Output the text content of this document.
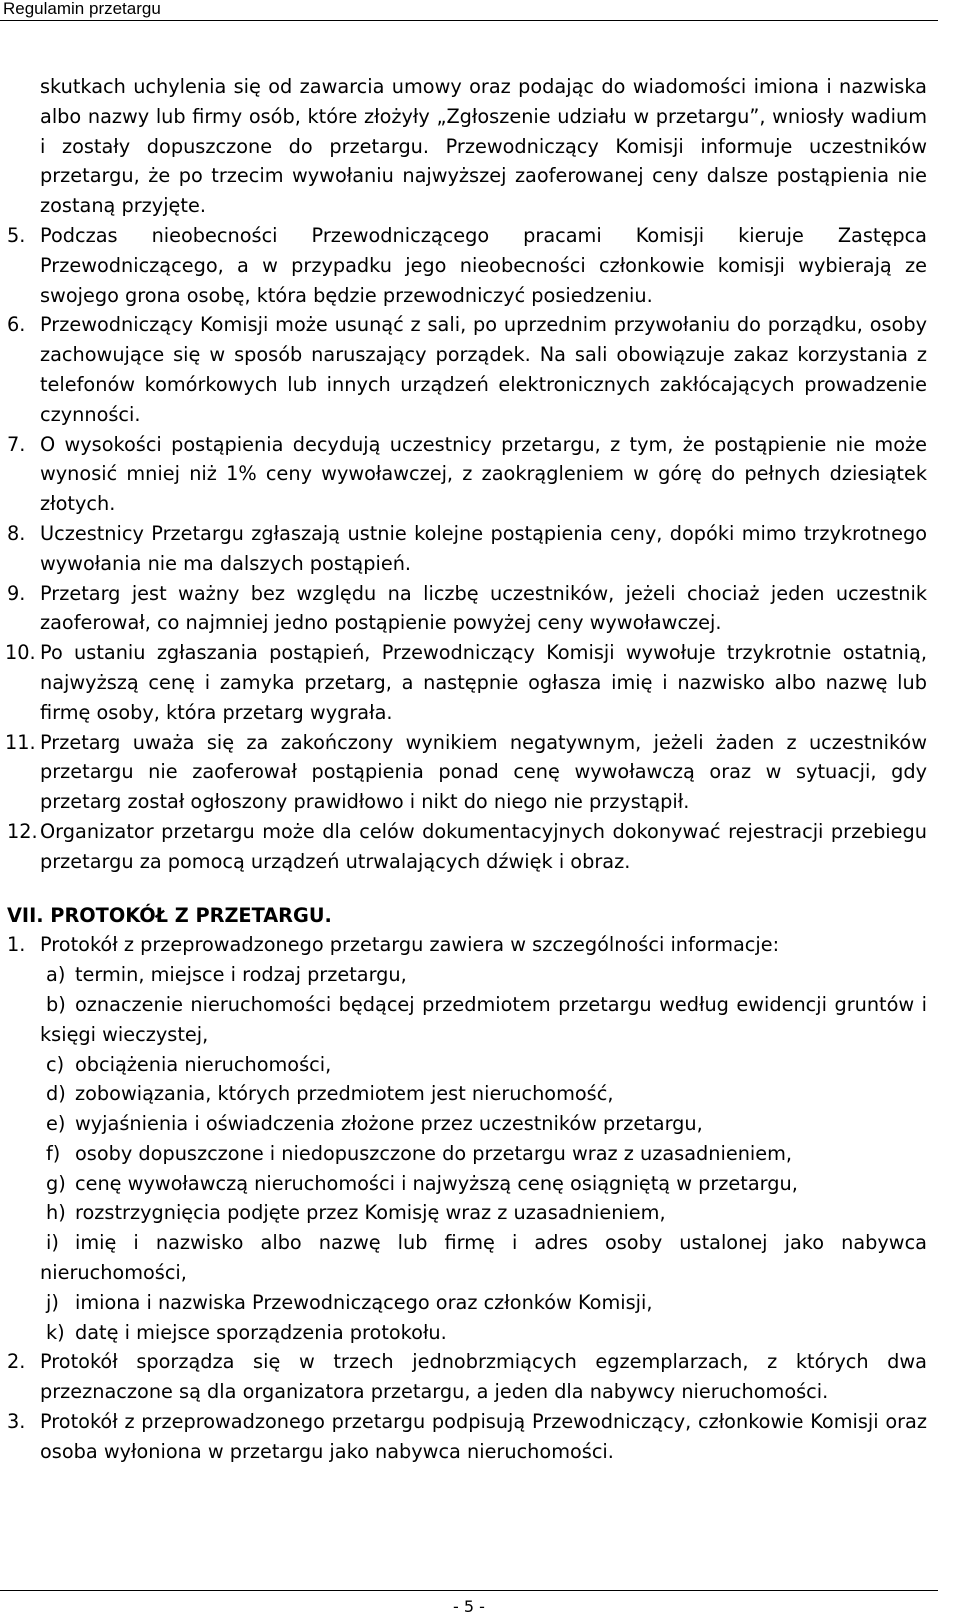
Regulamin przetargu
skutkach uchylenia się od zawarcia umowy oraz podając do wiadomości imiona i nazwiska albo nazwy lub firmy osób, które złożyły „Zgłoszenie udziału w przetargu”, wniosły wadium i zostały dopuszczone do przetargu. Przewodniczący Komisji informuje uczestników przetargu, że po trzecim wywołaniu najwyższej zaoferowanej ceny dalsze postąpienia nie zostaną przyjęte.
5. Podczas nieobecności Przewodniczącego pracami Komisji kieruje Zastępca Przewodniczącego, a w przypadku jego nieobecności członkowie komisji wybierają ze swojego grona osobę, która będzie przewodniczyć posiedzeniu.
6. Przewodniczący Komisji może usunąć z sali, po uprzednim przywołaniu do porządku, osoby zachowujące się w sposób naruszający porządek. Na sali obowiązuje zakaz korzystania z telefonów komórkowych lub innych urządzeń elektronicznych zakłócających prowadzenie czynności.
7. O wysokości postąpienia decydują uczestnicy przetargu, z tym, że postąpienie nie może wynosić mniej niż 1% ceny wywoławczej, z zaokrągleniem w górę do pełnych dziesiątek złotych.
8. Uczestnicy Przetargu zgłaszają ustnie kolejne postąpienia ceny, dopóki mimo trzykrotnego wywołania nie ma dalszych postąpień.
9. Przetarg jest ważny bez względu na liczbę uczestników, jeżeli chociaż jeden uczestnik zaoferował, co najmniej jedno postąpienie powyżej ceny wywoławczej.
10. Po ustaniu zgłaszania postąpień, Przewodniczący Komisji wywołuje trzykrotnie ostatnią, najwyższą cenę i zamyka przetarg, a następnie ogłasza imię i nazwisko albo nazwę lub firmę osoby, która przetarg wygrała.
11. Przetarg uważa się za zakończony wynikiem negatywnym, jeżeli żaden z uczestników przetargu nie zaoferował postąpienia ponad cenę wywoławczą oraz w sytuacji, gdy przetarg został ogłoszony prawidłowo i nikt do niego nie przystąpił.
12. Organizator przetargu może dla celów dokumentacyjnych dokonywać rejestracji przebiegu przetargu za pomocą urządzeń utrwalających dźwięk i obraz.
VII. PROTOKÓŁ Z PRZETARGU.
1. Protokół z przeprowadzonego przetargu zawiera w szczególności informacje:
a) termin, miejsce i rodzaj przetargu,
b) oznaczenie nieruchomości będącej przedmiotem przetargu według ewidencji gruntów i księgi wieczystej,
c) obciążenia nieruchomości,
d) zobowiązania, których przedmiotem jest nieruchomość,
e) wyjaśnienia i oświadczenia złożone przez uczestników przetargu,
f) osoby dopuszczone i niedopuszczone do przetargu wraz z uzasadnieniem,
g) cenę wywoławczą nieruchomości i najwyższą cenę osiągniętą w przetargu,
h) rozstrzygnięcia podjęte przez Komisję wraz z uzasadnieniem,
i) imię i nazwisko albo nazwę lub firmę i adres osoby ustalonej jako nabywca nieruchomości,
j) imiona i nazwiska Przewodniczącego oraz członków Komisji,
k) datę i miejsce sporządzenia protokołu.
2. Protokół sporządza się w trzech jednobrzmiących egzemplarzach, z których dwa przeznaczone są dla organizatora przetargu, a jeden dla nabywcy nieruchomości.
3. Protokół z przeprowadzonego przetargu podpisują Przewodniczący, członkowie Komisji oraz osoba wyłoniona w przetargu jako nabywca nieruchomości.
- 5 -
